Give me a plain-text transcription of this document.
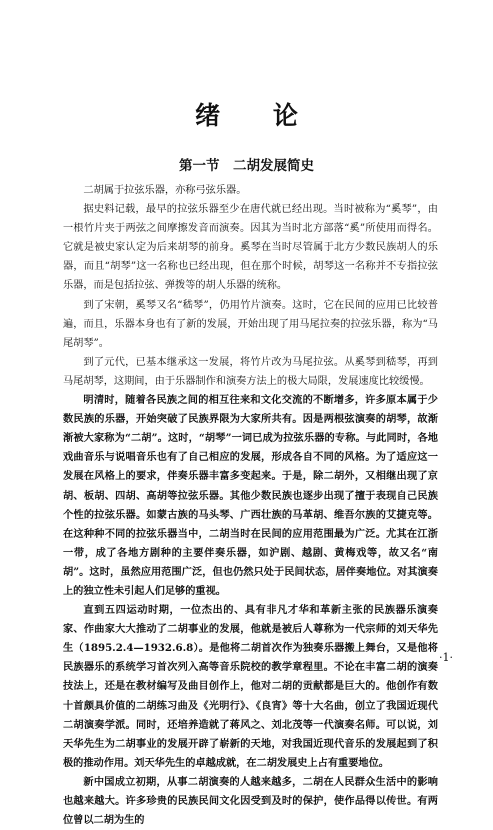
绪 论
第一节　二胡发展简史

二胡属于拉弦乐器，亦称弓弦乐器。

据史料记载，最早的拉弦乐器至少在唐代就已经出现。当时被称为“奚琴”，由一根竹片夹于两弦之间摩擦发音而演奏。因其为当时北方部落“奚”所使用而得名。它就是被史家认定为后来胡琴的前身。奚琴在当时尽管属于北方少数民族胡人的乐器，而且“胡琴”这一名称也已经出现，但在那个时候，胡琴这一名称并不专指拉弦乐器，而是包括拉弦、弹拨等的胡人乐器的统称。

到了宋朝，奚琴又名“嵇琴”，仍用竹片演奏。这时，它在民间的应用已比较普遍，而且，乐器本身也有了新的发展，开始出现了用马尾拉奏的拉弦乐器，称为“马尾胡琴”。

到了元代，已基本继承这一发展，将竹片改为马尾拉弦。从奚琴到嵇琴，再到马尾胡琴，这期间，由于乐器制作和演奏方法上的极大局限，发展速度比较缓慢。

明清时，随着各民族之间的相互往来和文化交流的不断增多，许多原本属于少数民族的乐器，开始突破了民族界限为大家所共有。因是两根弦演奏的胡琴，故渐渐被大家称为“二胡”。这时，“胡琴”一词已成为拉弦乐器的专称。与此同时，各地戏曲音乐与说唱音乐也有了自己相应的发展，形成各自不同的风格。为了适应这一发展在风格上的要求，伴奏乐器丰富多变起来。于是，除二胡外，又相继出现了京胡、板胡、四胡、高胡等拉弦乐器。其他少数民族也逐步出现了擅于表现自己民族个性的拉弦乐器。如蒙古族的马头琴、广西壮族的马革胡、维吾尔族的艾捷克等。在这种种不同的拉弦乐器当中，二胡当时在民间的应用范围最为广泛。尤其在江浙一带，成了各地方剧种的主要伴奏乐器，如沪剧、越剧、黄梅戏等，故又名“南胡”。这时，虽然应用范围广泛，但也仍然只处于民间状态，居伴奏地位。对其演奏上的独立性未引起人们足够的重视。

直到五四运动时期，一位杰出的、具有非凡才华和革新主张的民族器乐演奏家、作曲家大大推动了二胡事业的发展，他就是被后人尊称为一代宗师的刘天华先生（1895.2.4—1932.6.8）。是他将二胡首次作为独奏乐器搬上舞台，又是他将民族器乐的系统学习首次列入高等音乐院校的教学章程里。不论在丰富二胡的演奏技法上，还是在教材编写及曲目创作上，他对二胡的贡献都是巨大的。他创作有数十首颇具价值的二胡练习曲及《光明行》、《良宵》等十大名曲，创立了我国近现代二胡演奏学派。同时，还培养造就了蒋风之、刘北茂等一代演奏名师。可以说，刘天华先生为二胡事业的发展开辟了崭新的天地，对我国近现代音乐的发展起到了积极的推动作用。刘天华先生的卓越成就，在二胡发展史上占有重要地位。

新中国成立初期，从事二胡演奏的人越来越多，二胡在人民群众生活中的影响也越来越大。许多珍贵的民族民间文化因受到及时的保护，使作品得以传世。有两位曾以二胡为生的

·1·
